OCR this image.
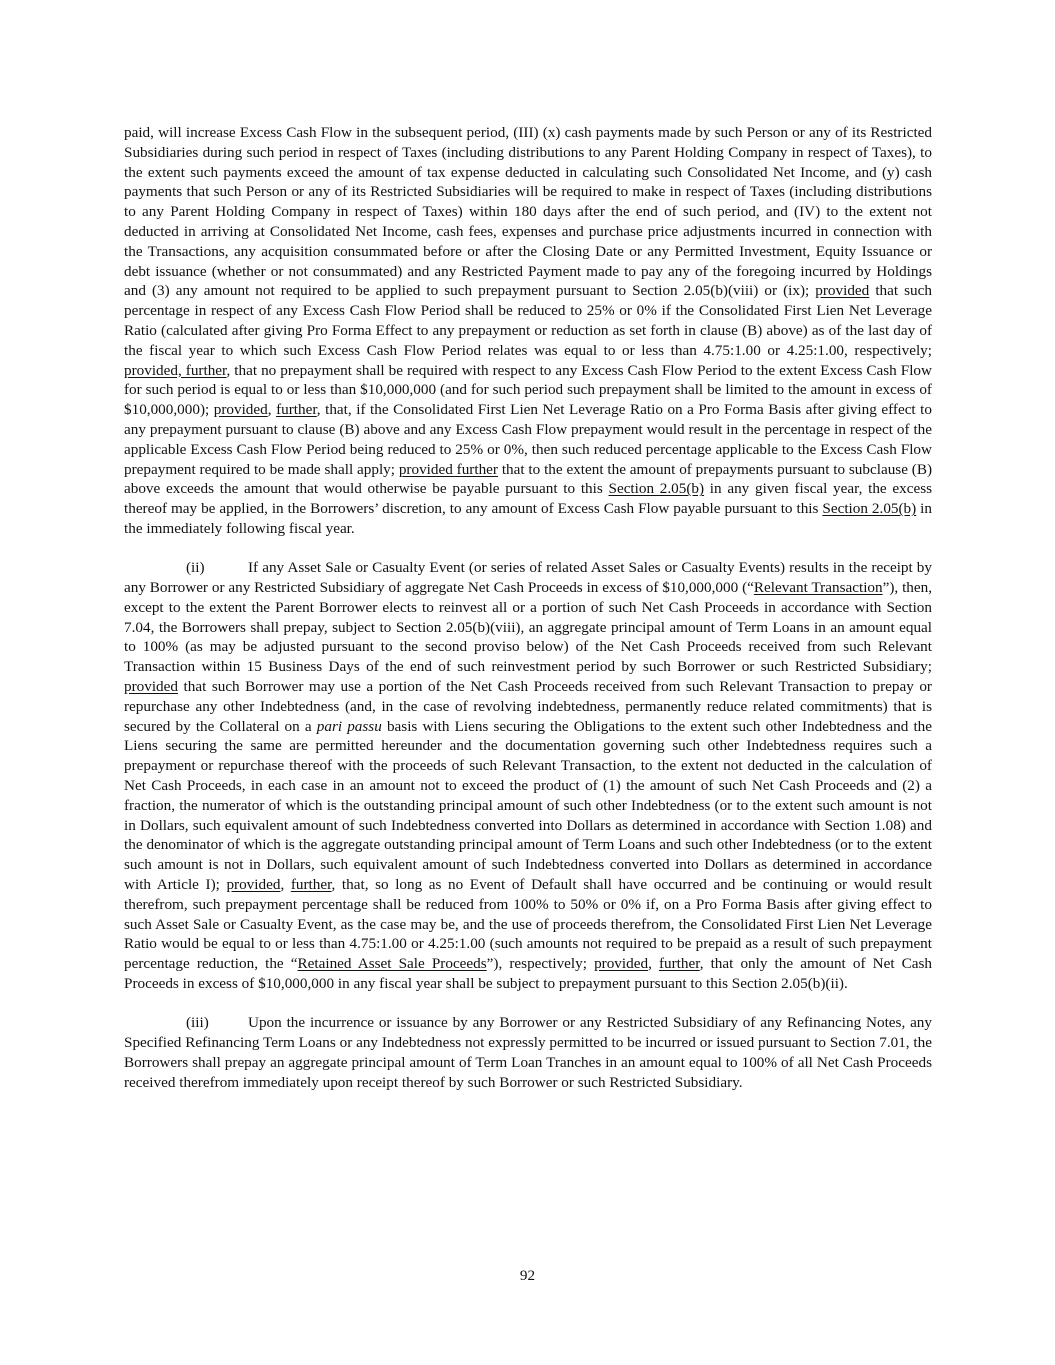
paid, will increase Excess Cash Flow in the subsequent period, (III) (x) cash payments made by such Person or any of its Restricted Subsidiaries during such period in respect of Taxes (including distributions to any Parent Holding Company in respect of Taxes), to the extent such payments exceed the amount of tax expense deducted in calculating such Consolidated Net Income, and (y) cash payments that such Person or any of its Restricted Subsidiaries will be required to make in respect of Taxes (including distributions to any Parent Holding Company in respect of Taxes) within 180 days after the end of such period, and (IV) to the extent not deducted in arriving at Consolidated Net Income, cash fees, expenses and purchase price adjustments incurred in connection with the Transactions, any acquisition consummated before or after the Closing Date or any Permitted Investment, Equity Issuance or debt issuance (whether or not consummated) and any Restricted Payment made to pay any of the foregoing incurred by Holdings and (3) any amount not required to be applied to such prepayment pursuant to Section 2.05(b)(viii) or (ix); provided that such percentage in respect of any Excess Cash Flow Period shall be reduced to 25% or 0% if the Consolidated First Lien Net Leverage Ratio (calculated after giving Pro Forma Effect to any prepayment or reduction as set forth in clause (B) above) as of the last day of the fiscal year to which such Excess Cash Flow Period relates was equal to or less than 4.75:1.00 or 4.25:1.00, respectively; provided, further, that no prepayment shall be required with respect to any Excess Cash Flow Period to the extent Excess Cash Flow for such period is equal to or less than $10,000,000 (and for such period such prepayment shall be limited to the amount in excess of $10,000,000); provided, further, that, if the Consolidated First Lien Net Leverage Ratio on a Pro Forma Basis after giving effect to any prepayment pursuant to clause (B) above and any Excess Cash Flow prepayment would result in the percentage in respect of the applicable Excess Cash Flow Period being reduced to 25% or 0%, then such reduced percentage applicable to the Excess Cash Flow prepayment required to be made shall apply; provided further that to the extent the amount of prepayments pursuant to subclause (B) above exceeds the amount that would otherwise be payable pursuant to this Section 2.05(b) in any given fiscal year, the excess thereof may be applied, in the Borrowers’ discretion, to any amount of Excess Cash Flow payable pursuant to this Section 2.05(b) in the immediately following fiscal year.

(ii)	If any Asset Sale or Casualty Event (or series of related Asset Sales or Casualty Events) results in the receipt by any Borrower or any Restricted Subsidiary of aggregate Net Cash Proceeds in excess of $10,000,000 (“Relevant Transaction”), then, except to the extent the Parent Borrower elects to reinvest all or a portion of such Net Cash Proceeds in accordance with Section 7.04, the Borrowers shall prepay, subject to Section 2.05(b)(viii), an aggregate principal amount of Term Loans in an amount equal to 100% (as may be adjusted pursuant to the second proviso below) of the Net Cash Proceeds received from such Relevant Transaction within 15 Business Days of the end of such reinvestment period by such Borrower or such Restricted Subsidiary; provided that such Borrower may use a portion of the Net Cash Proceeds received from such Relevant Transaction to prepay or repurchase any other Indebtedness (and, in the case of revolving indebtedness, permanently reduce related commitments) that is secured by the Collateral on a pari passu basis with Liens securing the Obligations to the extent such other Indebtedness and the Liens securing the same are permitted hereunder and the documentation governing such other Indebtedness requires such a prepayment or repurchase thereof with the proceeds of such Relevant Transaction, to the extent not deducted in the calculation of Net Cash Proceeds, in each case in an amount not to exceed the product of (1) the amount of such Net Cash Proceeds and (2) a fraction, the numerator of which is the outstanding principal amount of such other Indebtedness (or to the extent such amount is not in Dollars, such equivalent amount of such Indebtedness converted into Dollars as determined in accordance with Section 1.08) and the denominator of which is the aggregate outstanding principal amount of Term Loans and such other Indebtedness (or to the extent such amount is not in Dollars, such equivalent amount of such Indebtedness converted into Dollars as determined in accordance with Article I); provided, further, that, so long as no Event of Default shall have occurred and be continuing or would result therefrom, such prepayment percentage shall be reduced from 100% to 50% or 0% if, on a Pro Forma Basis after giving effect to such Asset Sale or Casualty Event, as the case may be, and the use of proceeds therefrom, the Consolidated First Lien Net Leverage Ratio would be equal to or less than 4.75:1.00 or 4.25:1.00 (such amounts not required to be prepaid as a result of such prepayment percentage reduction, the “Retained Asset Sale Proceeds”), respectively; provided, further, that only the amount of Net Cash Proceeds in excess of $10,000,000 in any fiscal year shall be subject to prepayment pursuant to this Section 2.05(b)(ii).

(iii)	Upon the incurrence or issuance by any Borrower or any Restricted Subsidiary of any Refinancing Notes, any Specified Refinancing Term Loans or any Indebtedness not expressly permitted to be incurred or issued pursuant to Section 7.01, the Borrowers shall prepay an aggregate principal amount of Term Loan Tranches in an amount equal to 100% of all Net Cash Proceeds received therefrom immediately upon receipt thereof by such Borrower or such Restricted Subsidiary.

92
